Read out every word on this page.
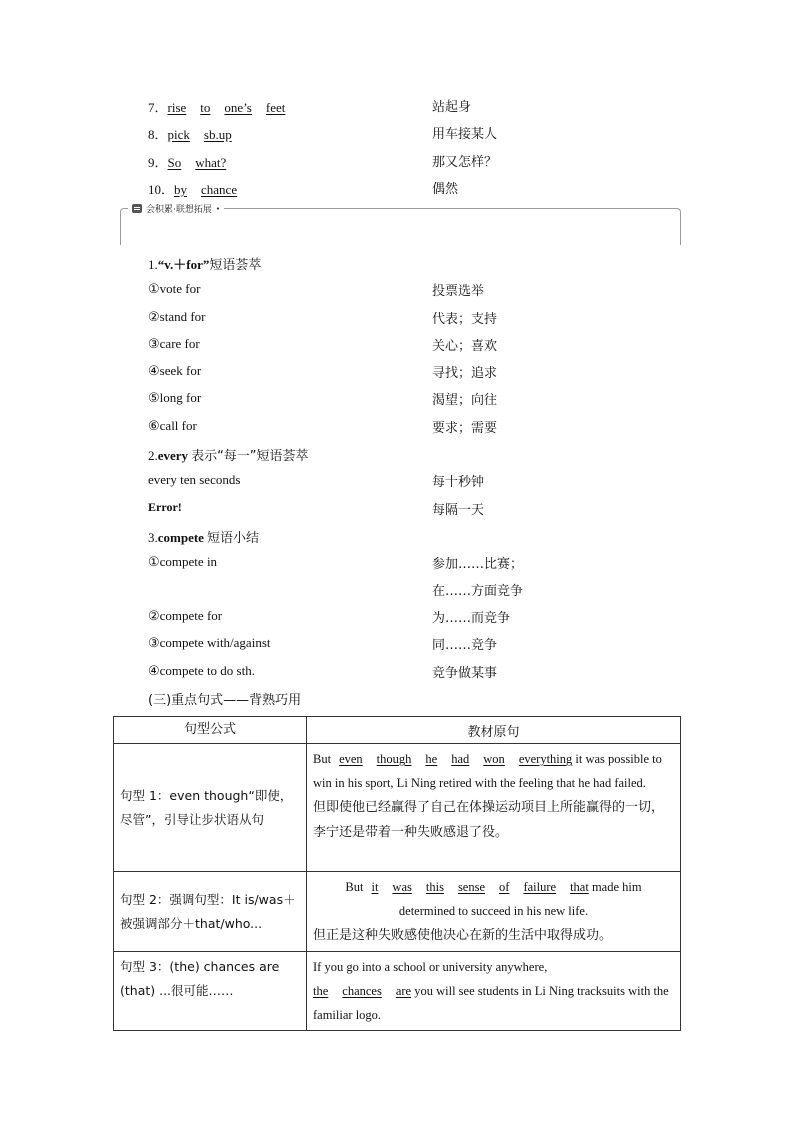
7．rise to one’s feet	站起身
8．pick sb.up	用车接某人
9．So what?	那又怎样？
10．by chance	偶然
会积累·联想拓展 •
1.“v.＋for”短语荟萃
①vote for	投票选举
②stand for	代表；支持
③care for	关心；喜欢
④seek for	寻找；追求
⑤long for	渴望；向往
⑥call for	要求；需要
2.every 表示“每一”短语荟萃
every ten seconds	每十秒钟
Error!	每隔一天
3.compete 短语小结
①compete in	参加……比赛；
在……方面竞争
②compete for	为……而竞争
③compete with/against	同……竞争
④compete to do sth.	竞争做某事
(三)重点句式——背熟巧用
句型公式	教材原句
句型 1：even though“即使，尽管”，引导让步状语从句	But even though he had won everything it was possible to win in his sport, Li Ning retired with the feeling that he had failed.
但即使他已经赢得了自己在体操运动项目上所能赢得的一切，李宁还是带着一种失败感退了役。
句型 2：强调句型：It is/was＋被强调部分＋that/who...	But it was this sense of failure that made him
determined to succeed in his new life.
但正是这种失败感使他决心在新的生活中取得成功。
句型 3：(the) chances are (that) ...很可能……	If you go into a school or university anywhere,
the chances are you will see students in Li Ning tracksuits with the familiar logo.
